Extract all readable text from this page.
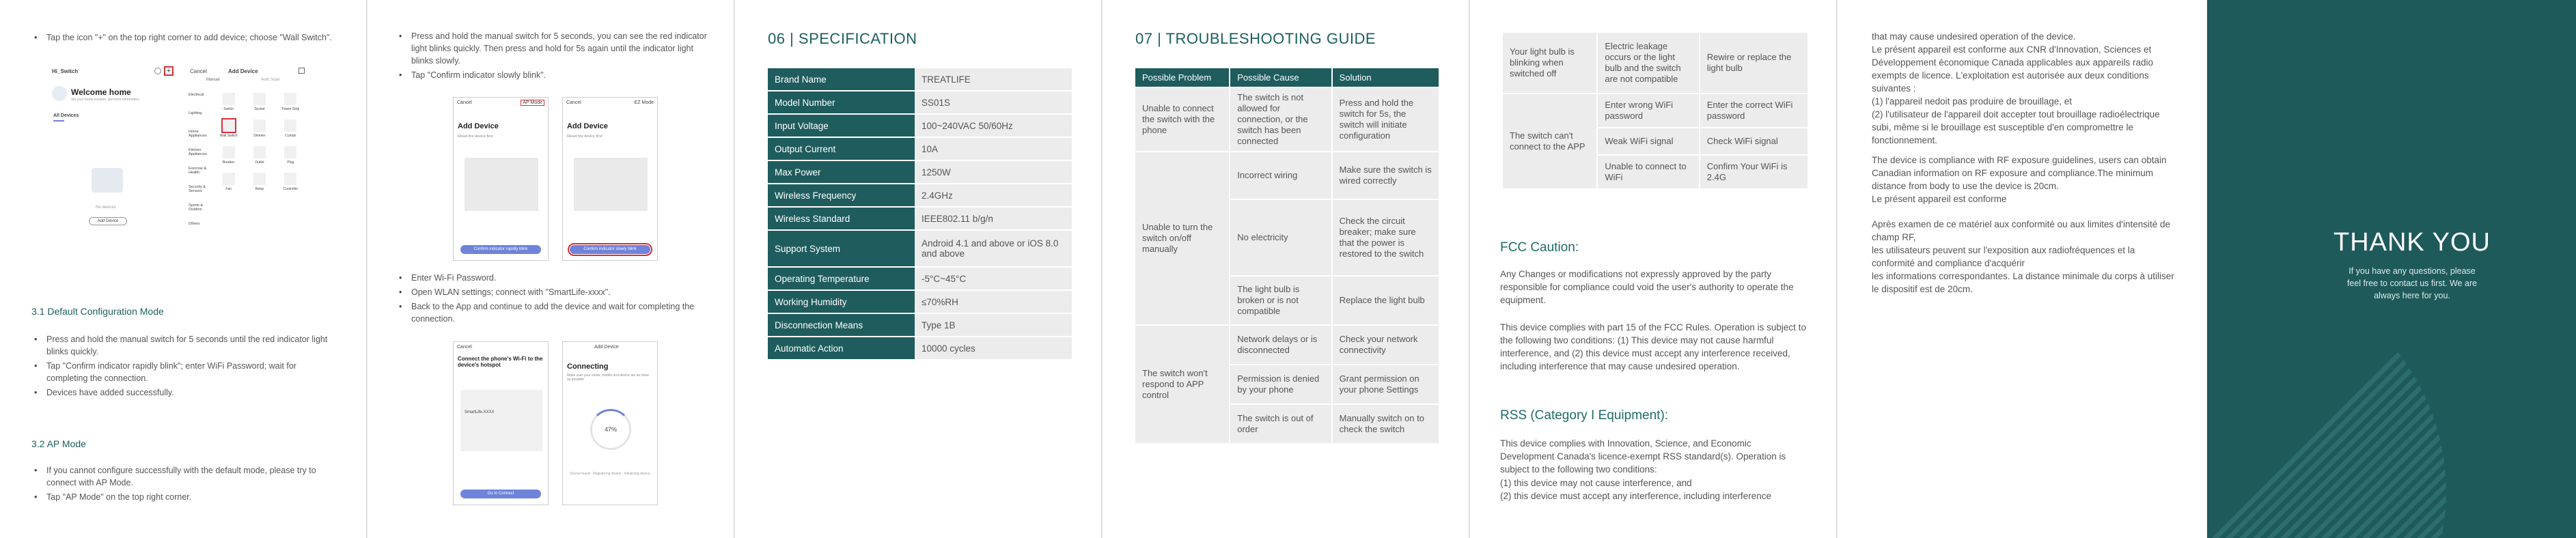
• Tap the icon "+" on the top right corner to add device; choose "Wall Switch".
Hi_Switch	+
Welcome home
Set your home location, get more information
All Devices
No devices
Add Device
Cancel	Add Device
Manual	Auto Scan
Electrical
Lighting
Home Appliances
Kitchen Appliances
Exercise & Health
Security & Sensors
Sports & Outdoor
Others
Switch	Socket	Power Strip
Wall Switch	Dimmer	Curtain
Breaker	Outlet	Plug
Fan	Relay	Controller
3.1 Default Configuration Mode
• Press and hold the manual switch for 5 seconds until the red indicator light blinks quickly.
• Tap "Confirm indicator rapidly blink"; enter WiFi Password; wait for completing the connection.
• Devices have added successfully.
3.2 AP Mode
• If you cannot configure successfully with the default mode, please try to connect with AP Mode.
• Tap "AP Mode" on the top right corner.
• Press and hold the manual switch for 5 seconds, you can see the red indicator light blinks quickly. Then press and hold for 5s again until the indicator light blinks slowly.
• Tap "Confirm indicator slowly blink".
Cancel	AP Mode
Add Device
Reset the device first
Confirm indicator rapidly blink
Cancel	EZ Mode
Add Device
Reset the device first
Confirm indicator slowly blink
• Enter Wi-Fi Password.
• Open WLAN settings; connect with "SmartLife-xxxx".
• Back to the App and continue to add the device and wait for completing the connection.
Cancel
Connect the phone's Wi-Fi to the device's hotspot
SmartLife-XXXX
Go to Connect
Add Device
Connecting
Make sure your router, mobile and device are as close as possible
47%
Device found · Registering device · Initializing device
06 | SPECIFICATION
Brand Name	TREATLIFE
Model Number	SS01S
Input Voltage	100~240VAC 50/60Hz
Output Current	10A
Max Power	1250W
Wireless Frequency	2.4GHz
Wireless Standard	IEEE802.11 b/g/n
Support System	Android 4.1 and above or iOS 8.0 and above
Operating Temperature	-5°C~45°C
Working Humidity	≤70%RH
Disconnection Means	Type 1B
Automatic Action	10000 cycles
07 | TROUBLESHOOTING GUIDE
Possible Problem	Possible Cause	Solution
Unable to connect the switch with the phone	The switch is not allowed for connection, or the switch has been connected	Press and hold the switch for 5s, the switch will initiate configuration
Unable to turn the switch on/off manually	Incorrect wiring	Make sure the switch is wired correctly
	No electricity	Check the circuit breaker; make sure that the power is restored to the switch
	The light bulb is broken or is not compatible	Replace the light bulb
The switch won't respond to APP control	Network delays or is disconnected	Check your network connectivity
	Permission is denied by your phone	Grant permission on your phone Settings
	The switch is out of order	Manually switch on to check the switch
Your light bulb is blinking when switched off	Electric leakage occurs or the light bulb and the switch are not compatible	Rewire or replace the light bulb
The switch can't connect to the APP	Enter wrong WiFi password	Enter the correct WiFi password
	Weak WiFi signal	Check WiFi signal
	Unable to connect to WiFi	Confirm Your WiFi is 2.4G
FCC Caution:

Any Changes or modifications not expressly approved by the party responsible for compliance could void the user's authority to operate the equipment.

This device complies with part 15 of the FCC Rules. Operation is subject to the following two conditions: (1) This device may not cause harmful interference, and (2) this device must accept any interference received, including interference that may cause undesired operation.

RSS (Category I Equipment):

This device complies with Innovation, Science, and Economic Development Canada's licence-exempt RSS standard(s). Operation is subject to the following two conditions:

(1) this device may not cause interference, and

(2) this device must accept any interference, including interference

that may cause undesired operation of the device.

Le présent appareil est conforme aux CNR d'Innovation, Sciences et Développement économique Canada applicables aux appareils radio exempts de licence. L'exploitation est autorisée aux deux conditions suivantes :

(1) l'appareil nedoit pas produire de brouillage, et

(2) l'utilisateur de l'appareil doit accepter tout brouillage radioélectrique subi, même si le brouillage est susceptible d'en compromettre le fonctionnement.

The device is compliance with RF exposure guidelines, users can obtain Canadian information on RF exposure and compliance.The minimum distance from body to use the device is 20cm.

Le présent appareil est conforme

Après examen de ce matériel aux conformité ou aux limites d'intensité de champ RF,

les utilisateurs peuvent sur l'exposition aux radiofréquences et la conformité and compliance d'acquérir

les informations correspondantes. La distance minimale du corps à utiliser le dispositif est de 20cm.

THANK YOU
If you have any questions, please feel free to contact us first. We are always here for you.
